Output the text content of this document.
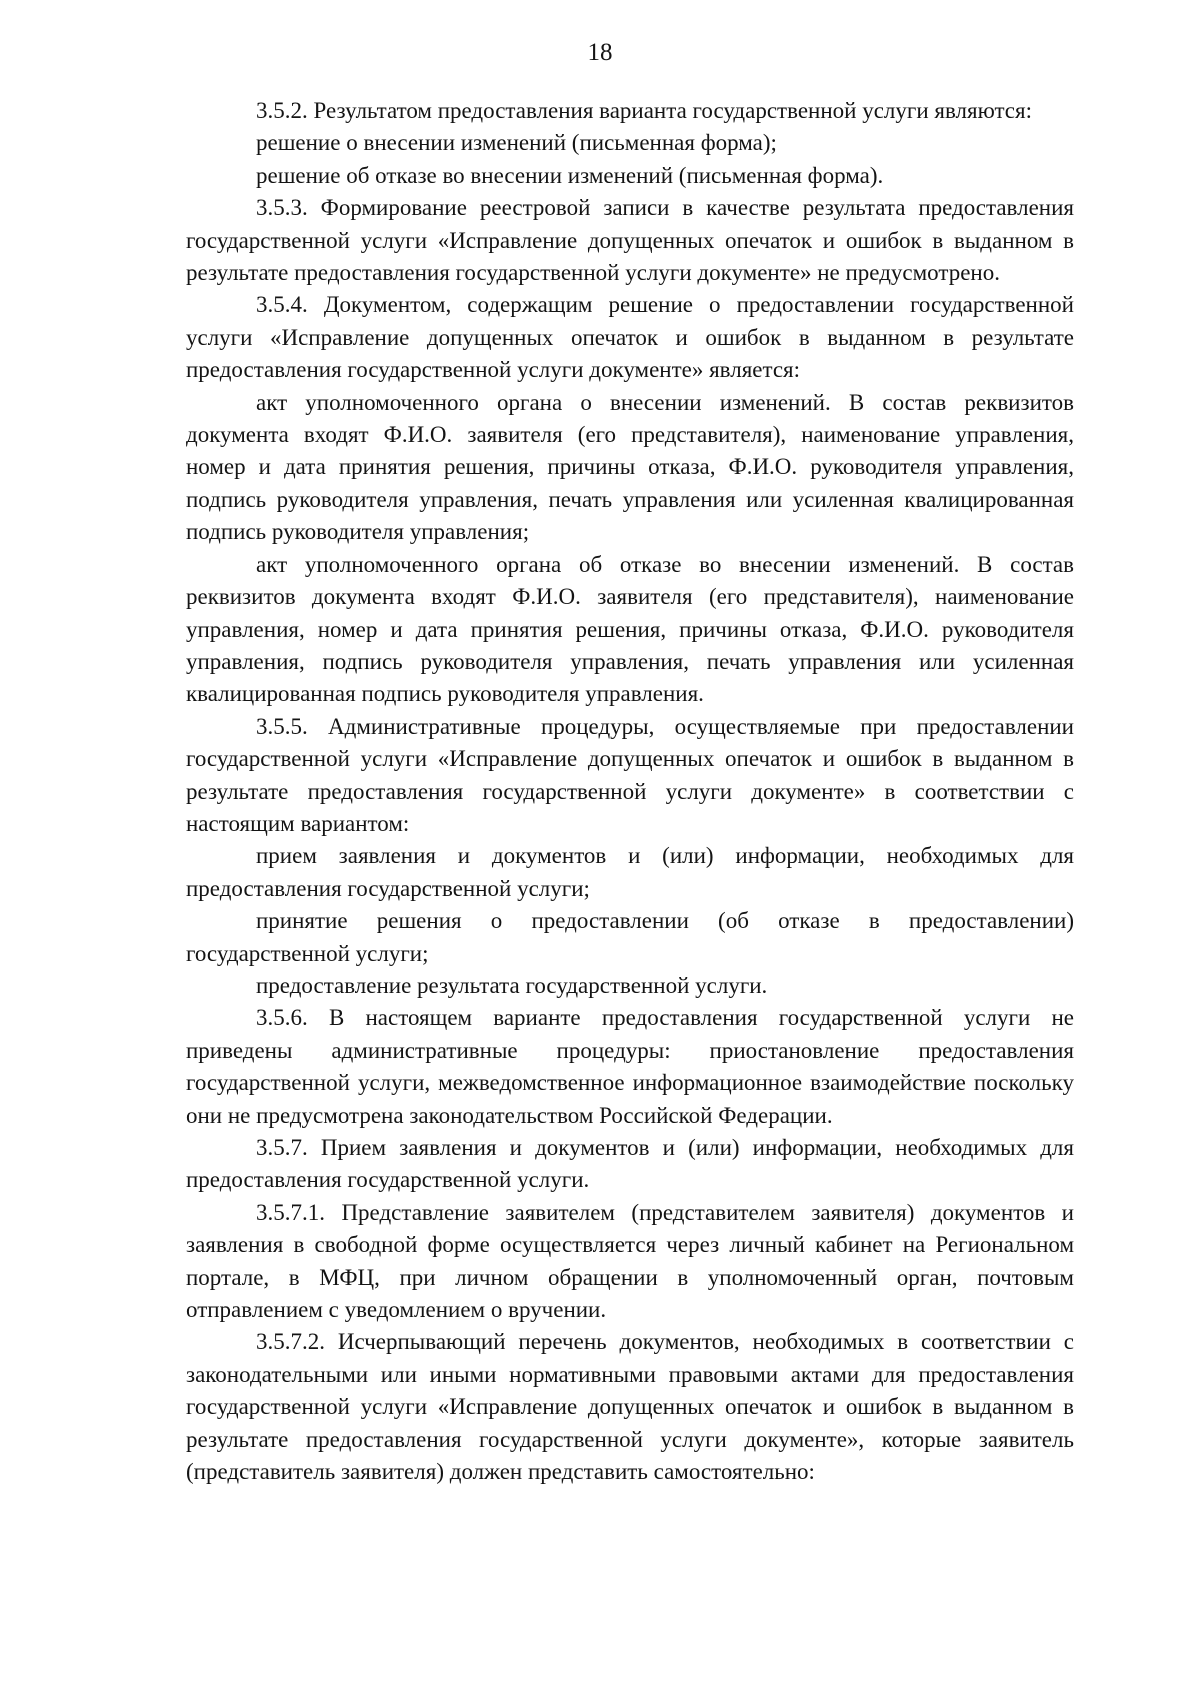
18

3.5.2. Результатом предоставления варианта государственной услуги являются:

решение о внесении изменений (письменная форма);

решение об отказе во внесении изменений (письменная форма).

3.5.3. Формирование реестровой записи в качестве результата предоставления государственной услуги «Исправление допущенных опечаток и ошибок в выданном в результате предоставления государственной услуги документе» не предусмотрено.

3.5.4. Документом, содержащим решение о предоставлении государственной услуги «Исправление допущенных опечаток и ошибок в выданном в результате предоставления государственной услуги документе» является:

акт уполномоченного органа о внесении изменений. В состав реквизитов документа входят Ф.И.О. заявителя (его представителя), наименование управления, номер и дата принятия решения, причины отказа, Ф.И.О. руководителя управления, подпись руководителя управления, печать управления или усиленная квалицированная подпись руководителя управления;

акт уполномоченного органа об отказе во внесении изменений. В состав реквизитов документа входят Ф.И.О. заявителя (его представителя), наименование управления, номер и дата принятия решения, причины отказа, Ф.И.О. руководителя управления, подпись руководителя управления, печать управления или усиленная квалицированная подпись руководителя управления.

3.5.5. Административные процедуры, осуществляемые при предоставлении государственной услуги «Исправление допущенных опечаток и ошибок в выданном в результате предоставления государственной услуги документе» в соответствии с настоящим вариантом:

прием заявления и документов и (или) информации, необходимых для предоставления государственной услуги;

принятие решения о предоставлении (об отказе в предоставлении) государственной услуги;

предоставление результата государственной услуги.

3.5.6. В настоящем варианте предоставления государственной услуги не приведены административные процедуры: приостановление предоставления государственной услуги, межведомственное информационное взаимодействие поскольку они не предусмотрена законодательством Российской Федерации.

3.5.7. Прием заявления и документов и (или) информации, необходимых для предоставления государственной услуги.

3.5.7.1. Представление заявителем (представителем заявителя) документов и заявления в свободной форме осуществляется через личный кабинет на Региональном портале, в МФЦ, при личном обращении в уполномоченный орган, почтовым отправлением с уведомлением о вручении.

3.5.7.2. Исчерпывающий перечень документов, необходимых в соответствии с законодательными или иными нормативными правовыми актами для предоставления государственной услуги «Исправление допущенных опечаток и ошибок в выданном в результате предоставления государственной услуги документе», которые заявитель (представитель заявителя) должен представить самостоятельно:
